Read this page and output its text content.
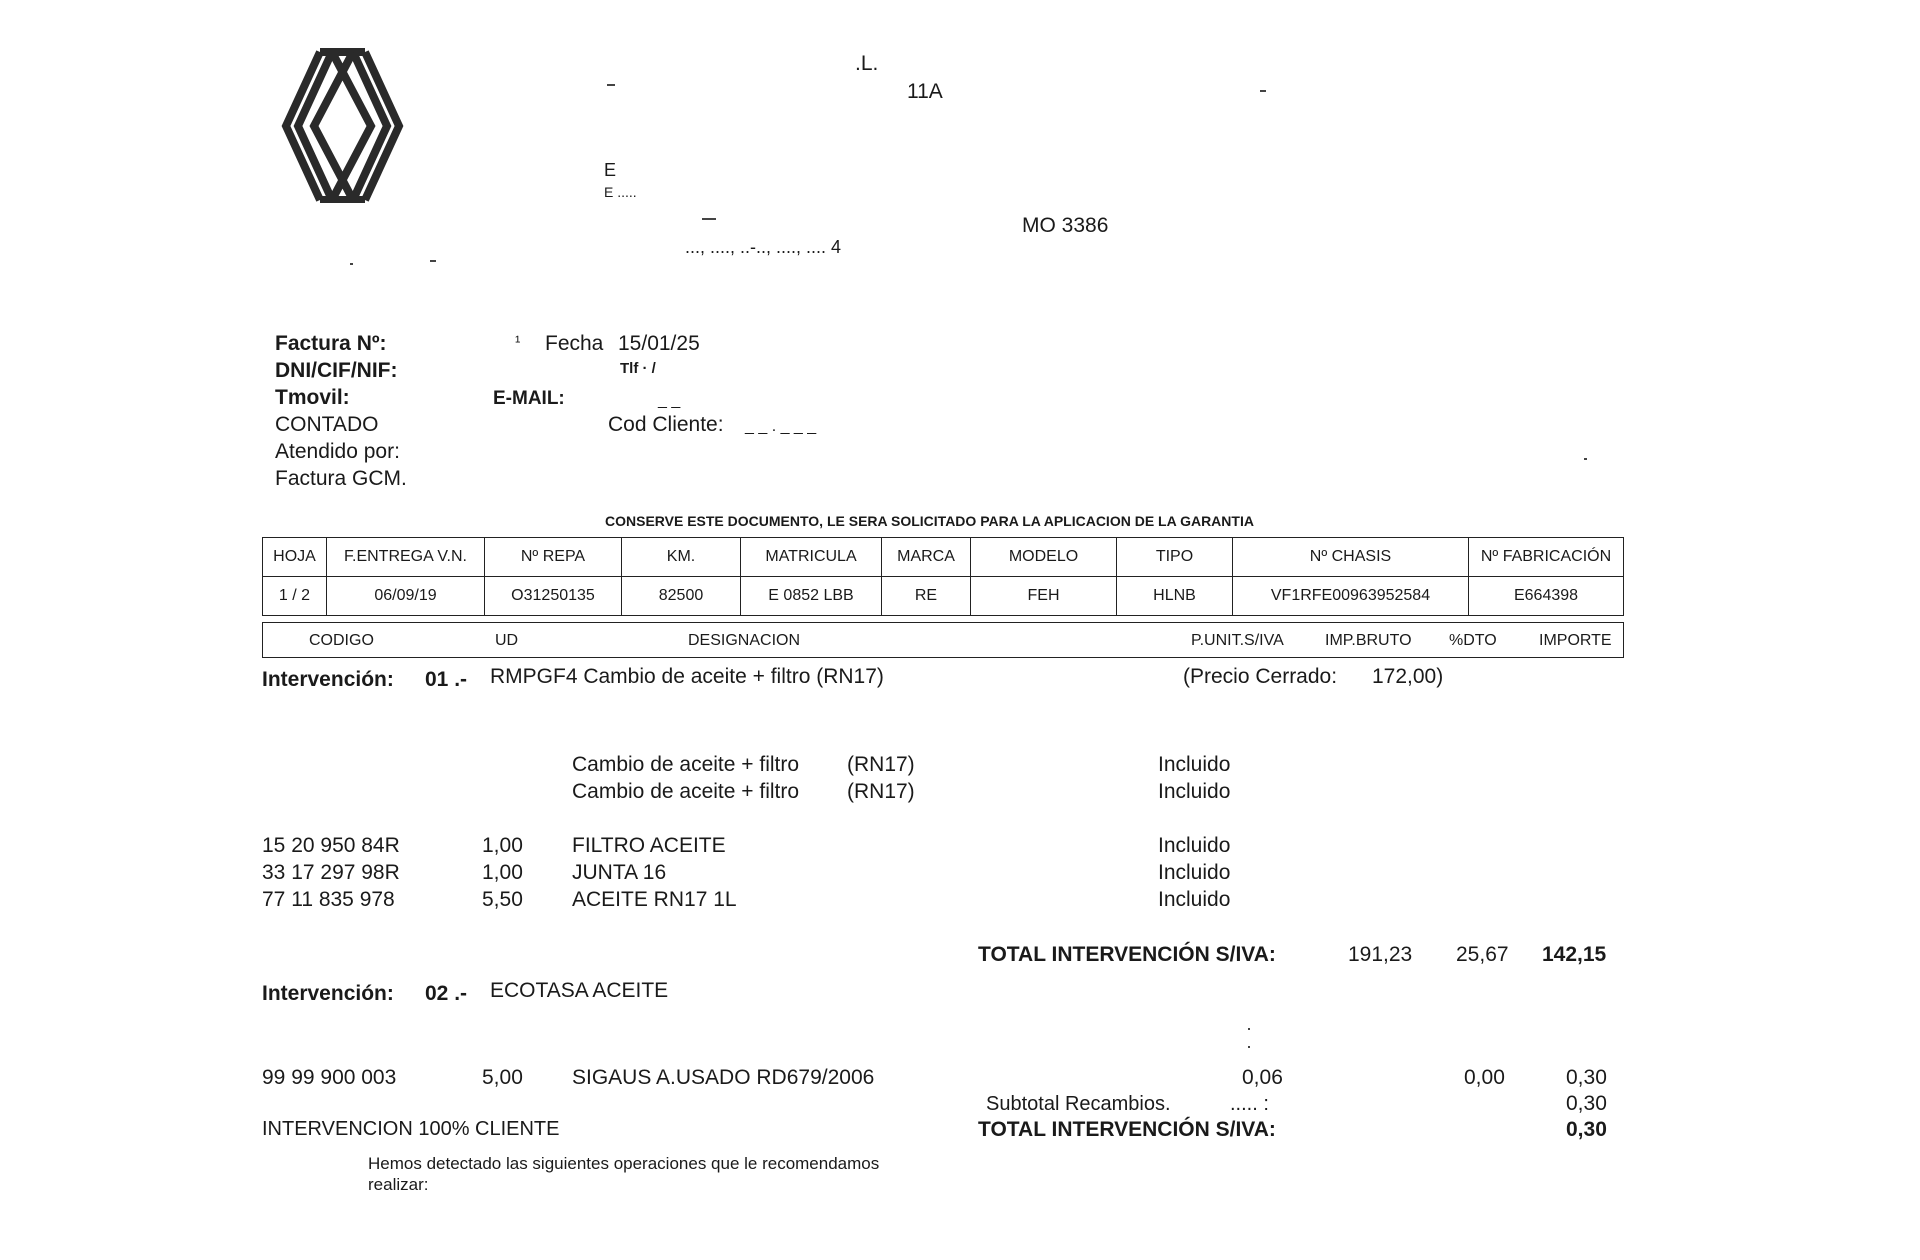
.L.
11A
E
E .....
MO 3386
..., ...., ..-.., ...., .... 4
Factura Nº:	¹ Fecha 15/01/25
DNI/CIF/NIF:	Tlf · /
Tmovil:	E-MAIL:	_ _
CONTADO	Cod Cliente: _ _ . _ _ _
Atendido por:
Factura GCM.
CONSERVE ESTE DOCUMENTO, LE SERA SOLICITADO PARA LA APLICACION DE LA GARANTIA
HOJA	F.ENTREGA V.N.	Nº REPA	KM.	MATRICULA	MARCA	MODELO	TIPO	Nº CHASIS	Nº FABRICACIÓN
1 / 2	06/09/19	O31250135	82500	E 0852 LBB	RE	FEH	HLNB	VF1RFE00963952584	E664398
CODIGO	UD	DESIGNACION	P.UNIT.S/IVA	IMP.BRUTO %DTO	IMPORTE
Intervención: 01 .- RMPGF4 Cambio de aceite + filtro (RN17)	(Precio Cerrado: 172,00)
Cambio de aceite + filtro (RN17)	Incluido
Cambio de aceite + filtro (RN17)	Incluido
15 20 950 84R	1,00 FILTRO ACEITE	Incluido
33 17 297 98R	1,00 JUNTA 16	Incluido
77 11 835 978	5,50 ACEITE RN17 1L	Incluido
TOTAL INTERVENCIÓN S/IVA:	191,23 25,67 142,15
Intervención: 02 .- ECOTASA ACEITE
99 99 900 003	5,00 SIGAUS A.USADO RD679/2006	0,06	0,00	0,30
Subtotal Recambios.	..... :	0,30
INTERVENCION 100% CLIENTE	TOTAL INTERVENCIÓN S/IVA:	0,30
Hemos detectado las siguientes operaciones que le recomendamos
realizar:
